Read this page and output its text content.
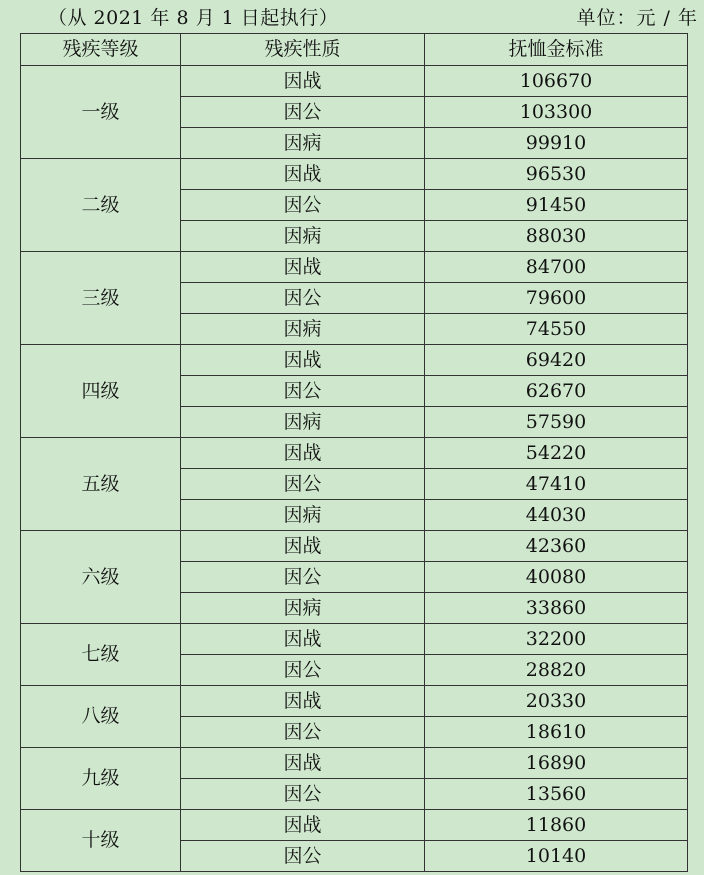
（从 2021 年 8 月 1 日起执行）	单位：元 / 年
残疾等级	残疾性质	抚恤金标准
一级	因战	106670
	因公	103300
	因病	99910
二级	因战	96530
	因公	91450
	因病	88030
三级	因战	84700
	因公	79600
	因病	74550
四级	因战	69420
	因公	62670
	因病	57590
五级	因战	54220
	因公	47410
	因病	44030
六级	因战	42360
	因公	40080
	因病	33860
七级	因战	32200
	因公	28820
八级	因战	20330
	因公	18610
九级	因战	16890
	因公	13560
十级	因战	11860
	因公	10140
